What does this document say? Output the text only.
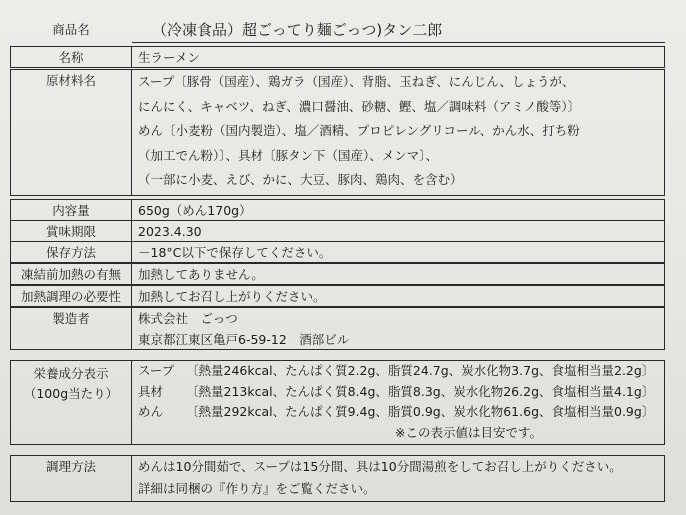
商品名	（冷凍食品）超ごってり麺ごっつ)タン二郎
名称	生ラーメン
原材料名	スープ〔豚骨（国産）、鶏ガラ（国産）、背脂、玉ねぎ、にんじん、しょうが、
にんにく、キャベツ、ねぎ、濃口醤油、砂糖、鰹、塩／調味料（アミノ酸等）〕
めん〔小麦粉（国内製造）、塩／酒精、プロピレングリコール、かん水、打ち粉
（加工でん粉）〕、具材〔豚タン下（国産）、メンマ〕、
（一部に小麦、えび、かに、大豆、豚肉、鶏肉、を含む）
内容量	650g（めん170g）
賞味期限	2023.4.30
保存方法	－18°C以下で保存してください。
凍結前加熱の有無	加熱してありません。
加熱調理の必要性	加熱してお召し上がりください。
製造者	株式会社　ごっつ
東京都江東区亀戸6-59-12　酒部ビル
栄養成分表示
（100g当たり）
スープ 〔熱量246kcal、たんぱく質2.2g、脂質24.7g、炭水化物3.7g、食塩相当量2.2g〕
具材	〔熱量213kcal、たんぱく質8.4g、脂質8.3g、炭水化物26.2g、食塩相当量4.1g〕
めん	〔熱量292kcal、たんぱく質9.4g、脂質0.9g、炭水化物61.6g、食塩相当量0.9g〕
※この表示値は目安です。
調理方法	めんは10分間茹で、スープは15分間、具は10分間湯煎をしてお召し上がりください。
詳細は同梱の『作り方』をご覧ください。
